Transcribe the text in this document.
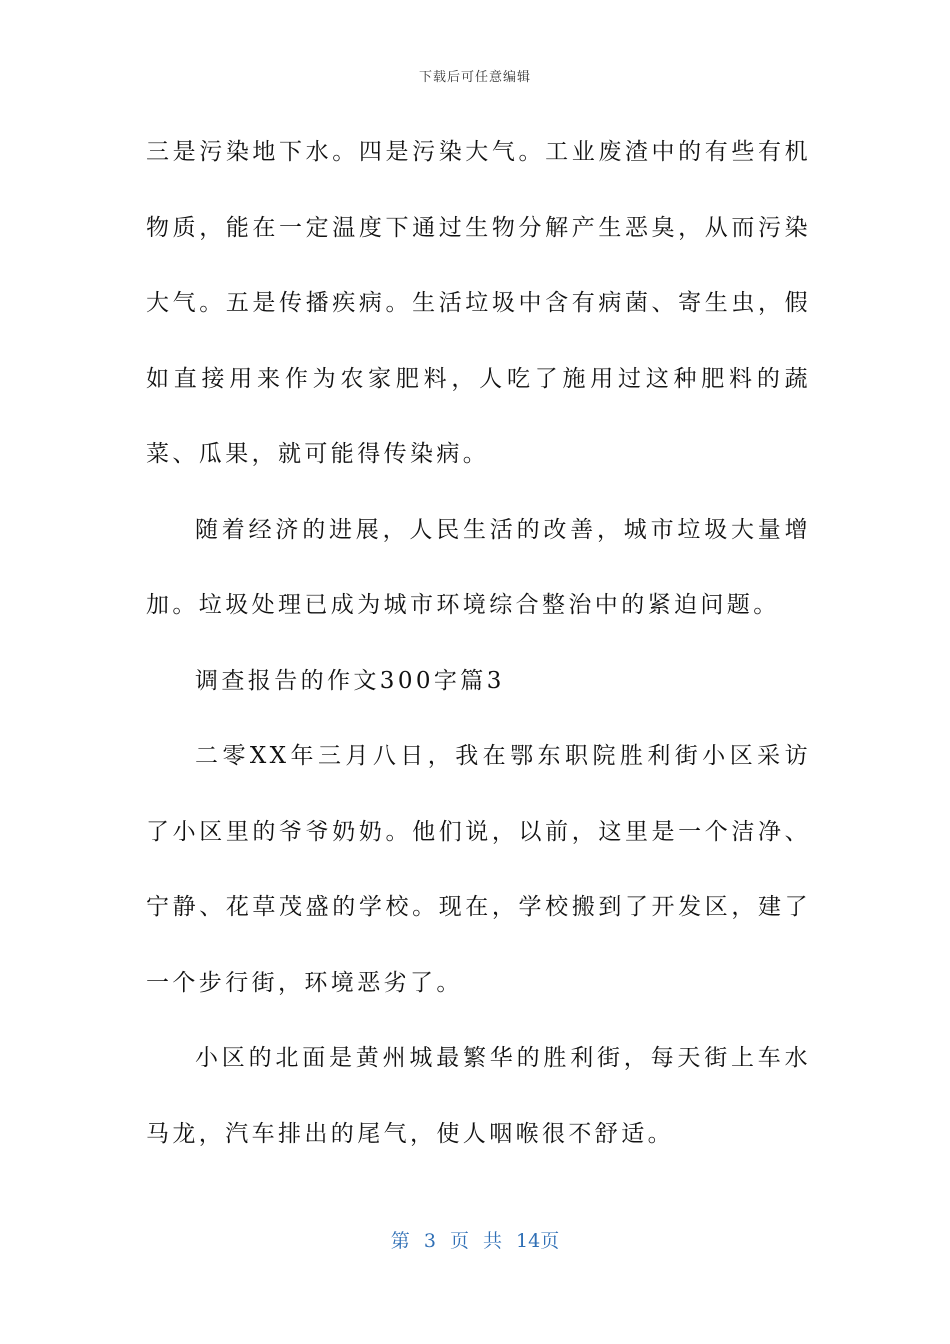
下载后可任意编辑

三是污染地下水。四是污染大气。工业废渣中的有些有机物质，能在一定温度下通过生物分解产生恶臭，从而污染大气。五是传播疾病。生活垃圾中含有病菌、寄生虫，假如直接用来作为农家肥料，人吃了施用过这种肥料的蔬菜、瓜果，就可能得传染病。

随着经济的进展，人民生活的改善，城市垃圾大量增加。垃圾处理已成为城市环境综合整治中的紧迫问题。

调查报告的作文300字篇3

二零XX年三月八日，我在鄂东职院胜利街小区采访了小区里的爷爷奶奶。他们说，以前，这里是一个洁净、宁静、花草茂盛的学校。现在，学校搬到了开发区，建了一个步行街，环境恶劣了。

小区的北面是黄州城最繁华的胜利街，每天街上车水马龙，汽车排出的尾气，使人咽喉很不舒适。

第 3 页 共 14页
